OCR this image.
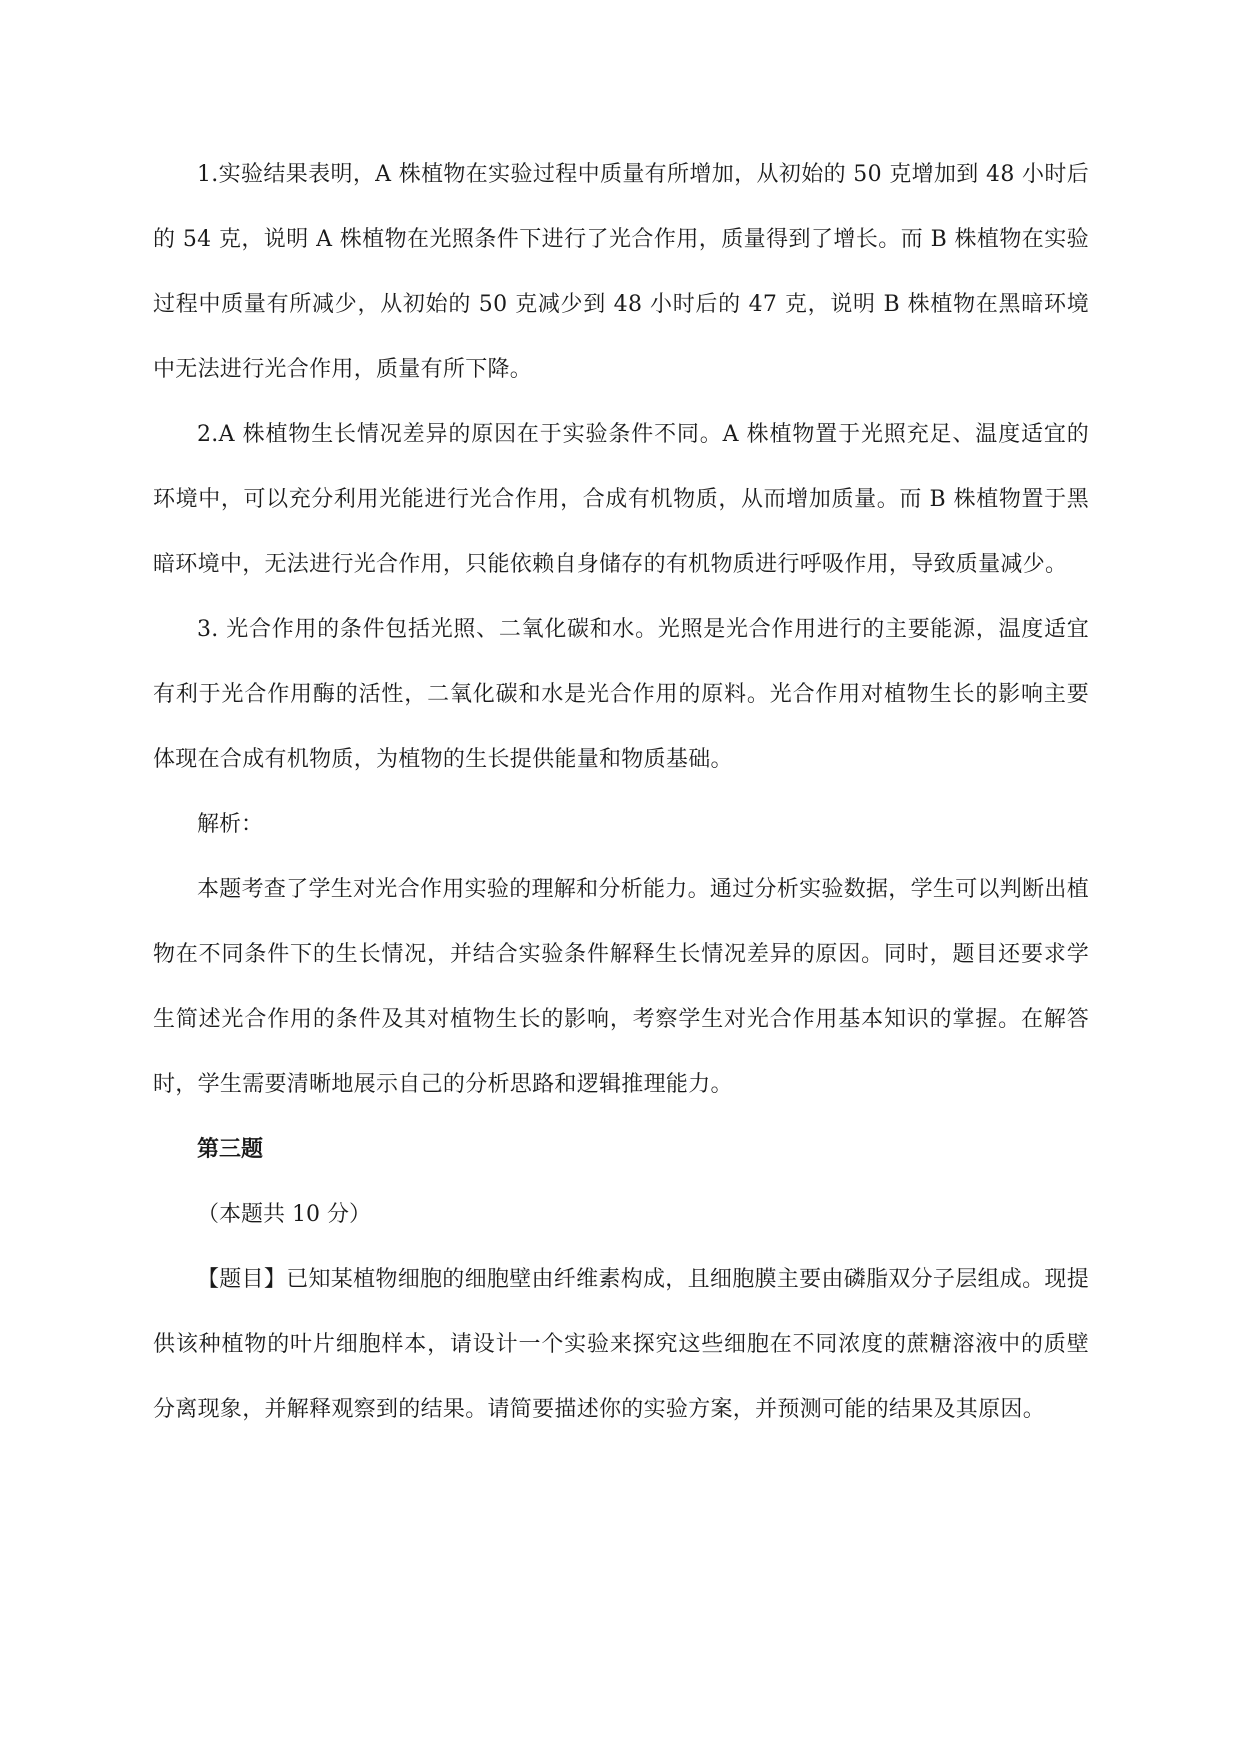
1.实验结果表明，A 株植物在实验过程中质量有所增加，从初始的 50 克增加到 48 小时后的 54 克，说明 A 株植物在光照条件下进行了光合作用，质量得到了增长。而 B 株植物在实验过程中质量有所减少，从初始的 50 克减少到 48 小时后的 47 克，说明 B 株植物在黑暗环境中无法进行光合作用，质量有所下降。

2.A 株植物生长情况差异的原因在于实验条件不同。A 株植物置于光照充足、温度适宜的环境中，可以充分利用光能进行光合作用，合成有机物质，从而增加质量。而 B 株植物置于黑暗环境中，无法进行光合作用，只能依赖自身储存的有机物质进行呼吸作用，导致质量减少。

3. 光合作用的条件包括光照、二氧化碳和水。光照是光合作用进行的主要能源，温度适宜有利于光合作用酶的活性，二氧化碳和水是光合作用的原料。光合作用对植物生长的影响主要体现在合成有机物质，为植物的生长提供能量和物质基础。

解析：

本题考查了学生对光合作用实验的理解和分析能力。通过分析实验数据，学生可以判断出植物在不同条件下的生长情况，并结合实验条件解释生长情况差异的原因。同时，题目还要求学生简述光合作用的条件及其对植物生长的影响，考察学生对光合作用基本知识的掌握。在解答时，学生需要清晰地展示自己的分析思路和逻辑推理能力。

第三题

（本题共 10 分）

【题目】已知某植物细胞的细胞壁由纤维素构成，且细胞膜主要由磷脂双分子层组成。现提供该种植物的叶片细胞样本，请设计一个实验来探究这些细胞在不同浓度的蔗糖溶液中的质壁分离现象，并解释观察到的结果。请简要描述你的实验方案，并预测可能的结果及其原因。
